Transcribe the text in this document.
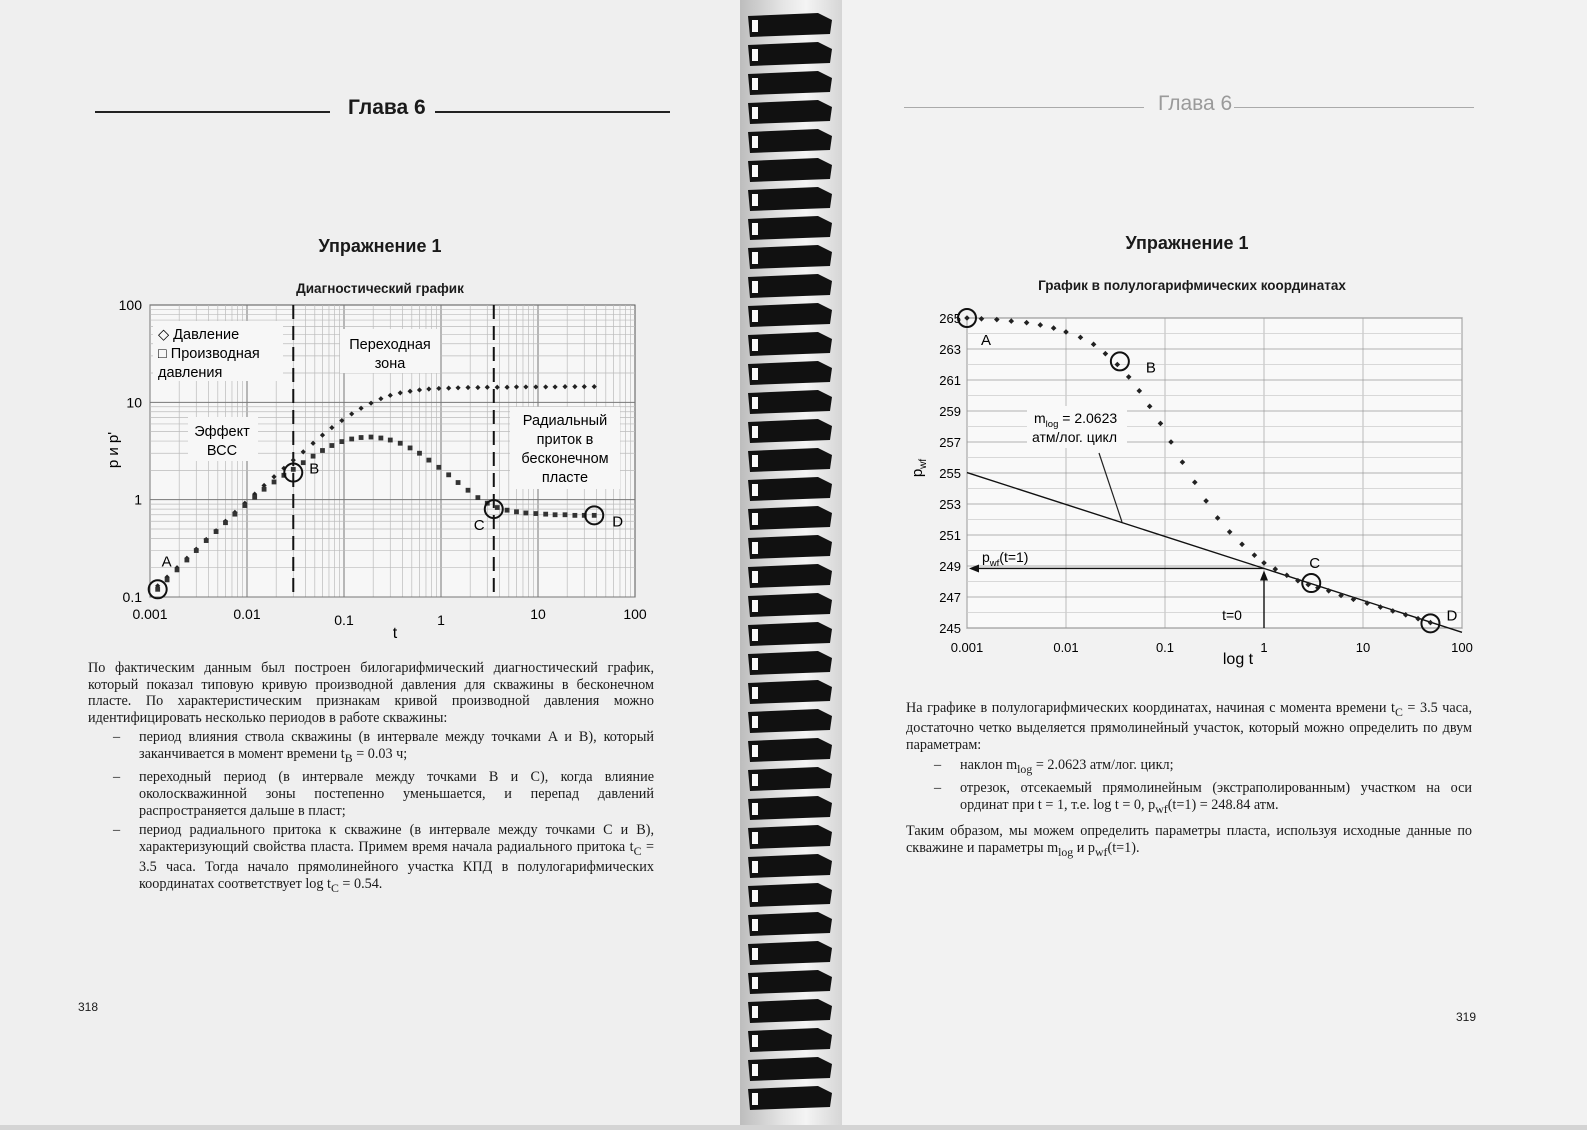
Глава 6
Упражнение 1
Диагностический график
0.001	0.01	0.1	1	10	100
0.1
1
10
100
A
B
C	D
p и p'
t
◇ Давление
□ Производная
давления
Переходная
зона
Эффект
ВСС
Радиальный
приток в
бесконечном
пласте

По фактическим данным был построен билогарифмический диагностический график, который показал типовую кривую производной давления для скважины в бесконечном пласте. По характеристическим признакам кривой производной давления можно идентифицировать несколько периодов в работе скважины:

– период влияния ствола скважины (в интервале между точками A и B), который заканчивается в момент времени $t_B = 0.03$ ч;
– переходный период (в интервале между точками B и C), когда влияние околоскважинной зоны постепенно уменьшается, и перепад давлений распространяется дальше в пласт;
– период радиального притока к скважине (в интервале между точками C и B), характеризующий свойства пласта. Примем время начала радиального притока $t_C = 3.5$ часа. Тогда начало прямолинейного участка КПД в полулогарифмических координатах соответствует $\log t_C = 0.54$.
318
Глава 6
Упражнение 1
График в полулогарифмических координатах
0.001	0.01	0.1	1	10	100
245
247
249
251
253
255
257
259
261
263
265
A
B
C
D
$p_{wf}$
log t
$m_{log} = 2.0623$
атм/лог. цикл
$p_{wf}(t=1)$
t=0

На графике в полулогарифмических координатах, начиная с момента времени $t_C = 3.5$ часа, достаточно четко выделяется прямолинейный участок, который можно определить по двум параметрам:

– наклон $m_{log} = 2.0623$ атм/лог. цикл;
– отрезок, отсекаемый прямолинейным (экстраполированным) участком на оси ординат при t = 1, т.е. log t = 0, $p_{wf}(t=1) = 248.84$ атм.

Таким образом, мы можем определить параметры пласта, используя исходные данные по скважине и параметры $m_{log}$ и $p_{wf}(t=1)$.

319
